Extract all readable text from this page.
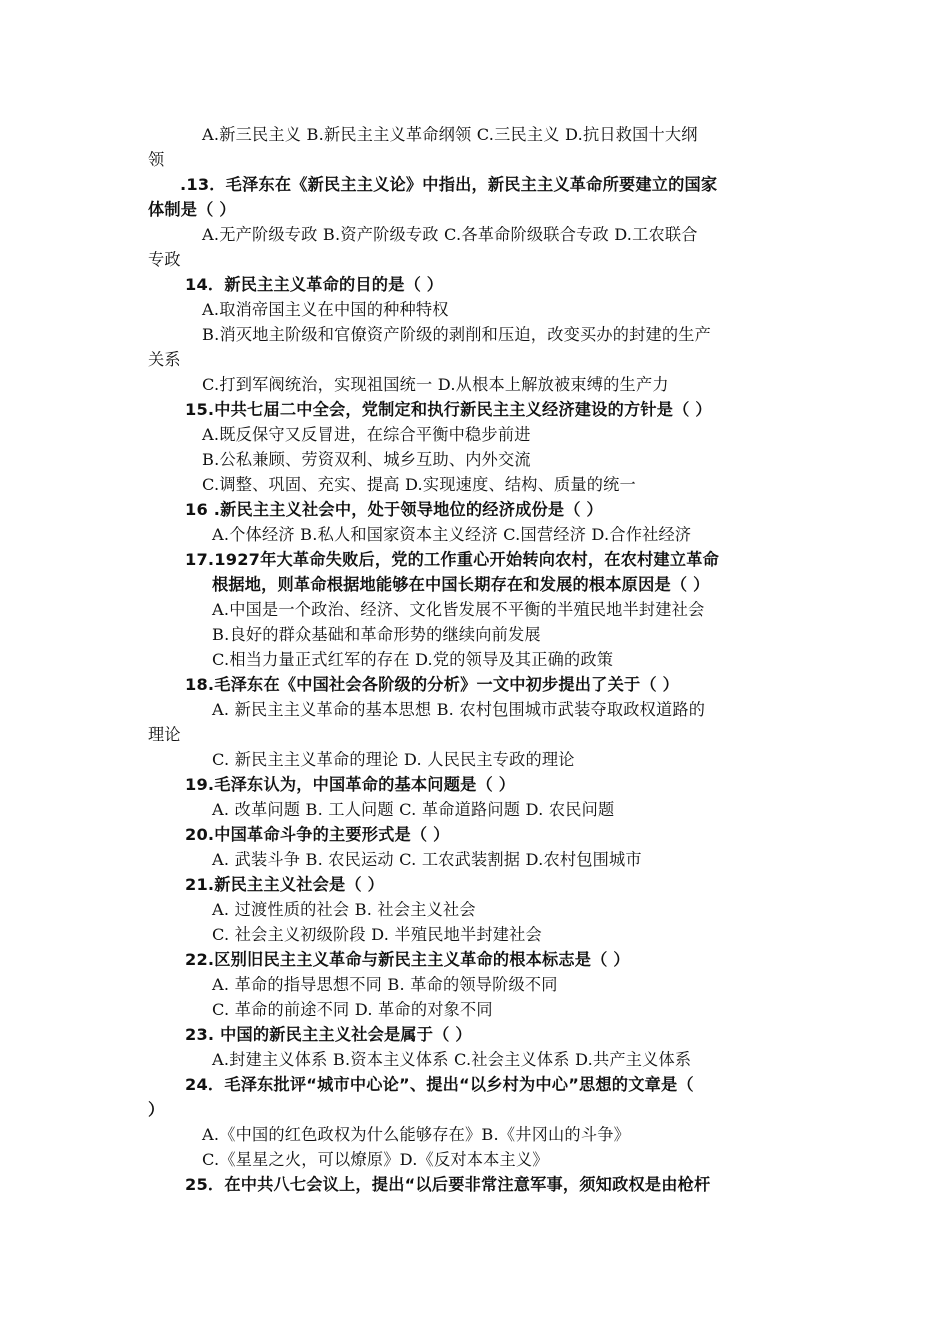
A.新三民主义 B.新民主主义革命纲领 C.三民主义 D.抗日救国十大纲
领
.13．毛泽东在《新民主主义论》中指出，新民主主义革命所要建立的国家
体制是（ ）
A.无产阶级专政 B.资产阶级专政 C.各革命阶级联合专政 D.工农联合
专政
14．新民主主义革命的目的是（ ）
A.取消帝国主义在中国的种种特权
B.消灭地主阶级和官僚资产阶级的剥削和压迫，改变买办的封建的生产
关系
C.打到军阀统治，实现祖国统一 D.从根本上解放被束缚的生产力
15.中共七届二中全会，党制定和执行新民主主义经济建设的方针是（ ）
A.既反保守又反冒进，在综合平衡中稳步前进
B.公私兼顾、劳资双利、城乡互助、内外交流
C.调整、巩固、充实、提高 D.实现速度、结构、质量的统一
16 .新民主主义社会中，处于领导地位的经济成份是（ ）
A.个体经济 B.私人和国家资本主义经济 C.国营经济 D.合作社经济
17.1927年大革命失败后，党的工作重心开始转向农村，在农村建立革命
根据地，则革命根据地能够在中国长期存在和发展的根本原因是（ ）
A.中国是一个政治、经济、文化皆发展不平衡的半殖民地半封建社会
B.良好的群众基础和革命形势的继续向前发展
C.相当力量正式红军的存在 D.党的领导及其正确的政策
18.毛泽东在《中国社会各阶级的分析》一文中初步提出了关于（ ）
A. 新民主主义革命的基本思想 B. 农村包围城市武装夺取政权道路的
理论
C. 新民主主义革命的理论 D. 人民民主专政的理论
19.毛泽东认为，中国革命的基本问题是（ ）
A. 改革问题 B. 工人问题 C. 革命道路问题 D. 农民问题
20.中国革命斗争的主要形式是（ ）
A. 武装斗争 B. 农民运动 C. 工农武装割据 D.农村包围城市
21.新民主主义社会是（ ）
A. 过渡性质的社会 B. 社会主义社会
C. 社会主义初级阶段 D. 半殖民地半封建社会
22.区别旧民主主义革命与新民主主义革命的根本标志是（ ）
A. 革命的指导思想不同 B. 革命的领导阶级不同
C. 革命的前途不同 D. 革命的对象不同
23. 中国的新民主主义社会是属于（ ）
A.封建主义体系 B.资本主义体系 C.社会主义体系 D.共产主义体系
24．毛泽东批评“城市中心论”、提出“以乡村为中心”思想的文章是（
）
A.《中国的红色政权为什么能够存在》B.《井冈山的斗争》
C.《星星之火，可以燎原》D.《反对本本主义》
25．在中共八七会议上，提出“以后要非常注意军事，须知政权是由枪杆
